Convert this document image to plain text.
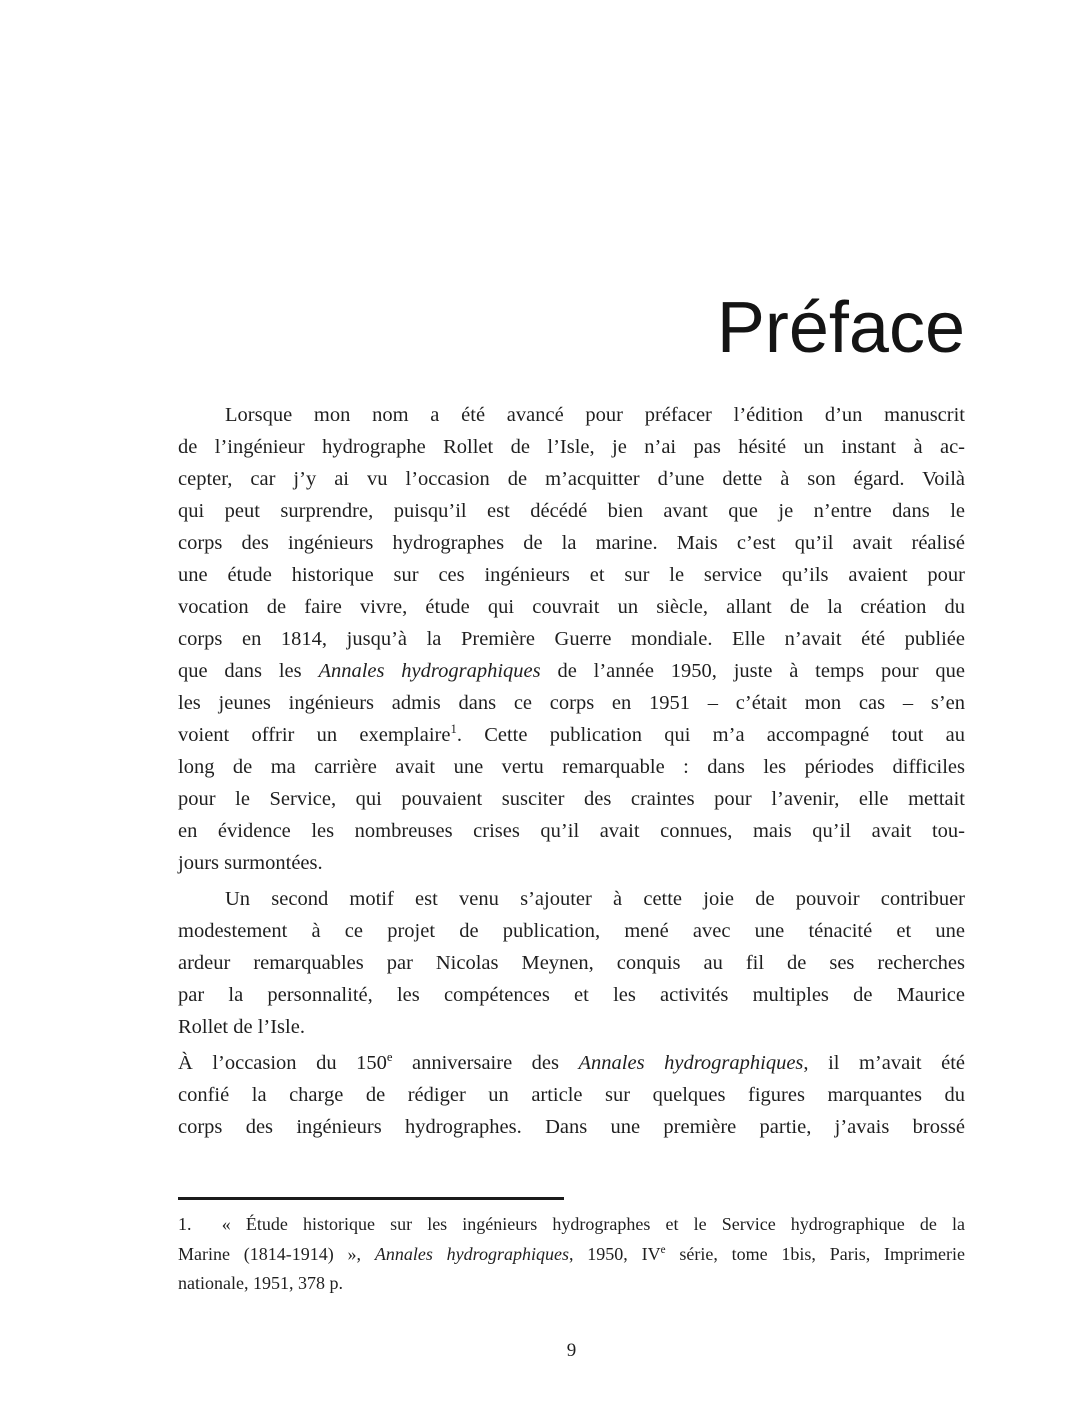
Préface
Lorsque mon nom a été avancé pour préfacer l’édition d’un manuscrit
de l’ingénieur hydrographe Rollet de l’Isle, je n’ai pas hésité un instant à ac-
cepter, car j’y ai vu l’occasion de m’acquitter d’une dette à son égard. Voilà
qui peut surprendre, puisqu’il est décédé bien avant que je n’entre dans le
corps des ingénieurs hydrographes de la marine. Mais c’est qu’il avait réalisé
une étude historique sur ces ingénieurs et sur le service qu’ils avaient pour
vocation de faire vivre, étude qui couvrait un siècle, allant de la création du
corps en 1814, jusqu’à la Première Guerre mondiale. Elle n’avait été publiée
que dans les Annales hydrographiques de l’année 1950, juste à temps pour que
les jeunes ingénieurs admis dans ce corps en 1951 – c’était mon cas – s’en
voient offrir un exemplaire$^1$. Cette publication qui m’a accompagné tout au
long de ma carrière avait une vertu remarquable : dans les périodes difficiles
pour le Service, qui pouvaient susciter des craintes pour l’avenir, elle mettait
en évidence les nombreuses crises qu’il avait connues, mais qu’il avait tou-
jours surmontées.
Un second motif est venu s’ajouter à cette joie de pouvoir contribuer
modestement à ce projet de publication, mené avec une ténacité et une
ardeur remarquables par Nicolas Meynen, conquis au fil de ses recherches
par la personnalité, les compétences et les activités multiples de Maurice
Rollet de l’Isle.
À l’occasion du 150e anniversaire des Annales hydrographiques, il m’avait été
confié la charge de rédiger un article sur quelques figures marquantes du
corps des ingénieurs hydrographes. Dans une première partie, j’avais brossé
1.  « Étude historique sur les ingénieurs hydrographes et le Service hydrographique de la
Marine (1814-1914) », Annales hydrographiques, 1950, IVe série, tome 1bis, Paris, Imprimerie
nationale, 1951, 378 p.
9
